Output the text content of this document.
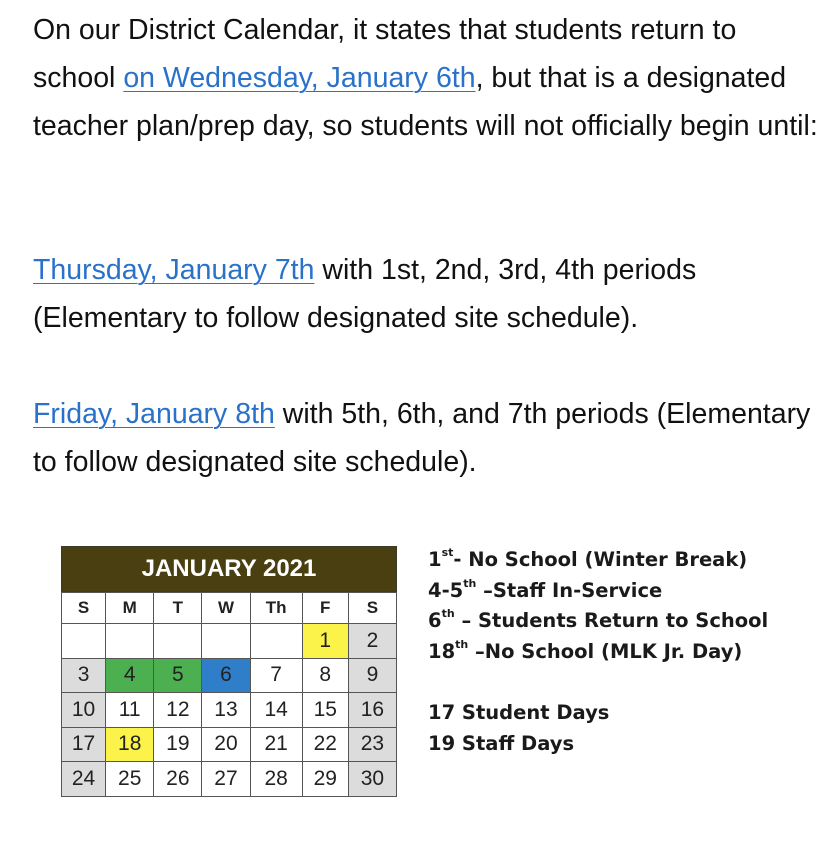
On our District Calendar, it states that students return to school on Wednesday, January 6th, but that is a designated teacher plan/prep day, so students will not officially begin until:

Thursday, January 7th with 1st, 2nd, 3rd, 4th periods (Elementary to follow designated site schedule).

Friday, January 8th with 5th, 6th, and 7th periods (Elementary to follow designated site schedule).

JANUARY 2021
S	M	T	W	Th	F	S
					1	2
3	4	5	6	7	8	9
10	11	12	13	14	15	16
17	18	19	20	21	22	23
24	25	26	27	28	29	30
1st- No School (Winter Break)
4-5th –Staff In-Service
6th – Students Return to School
18th –No School (MLK Jr. Day)
17 Student Days
19 Staff Days
